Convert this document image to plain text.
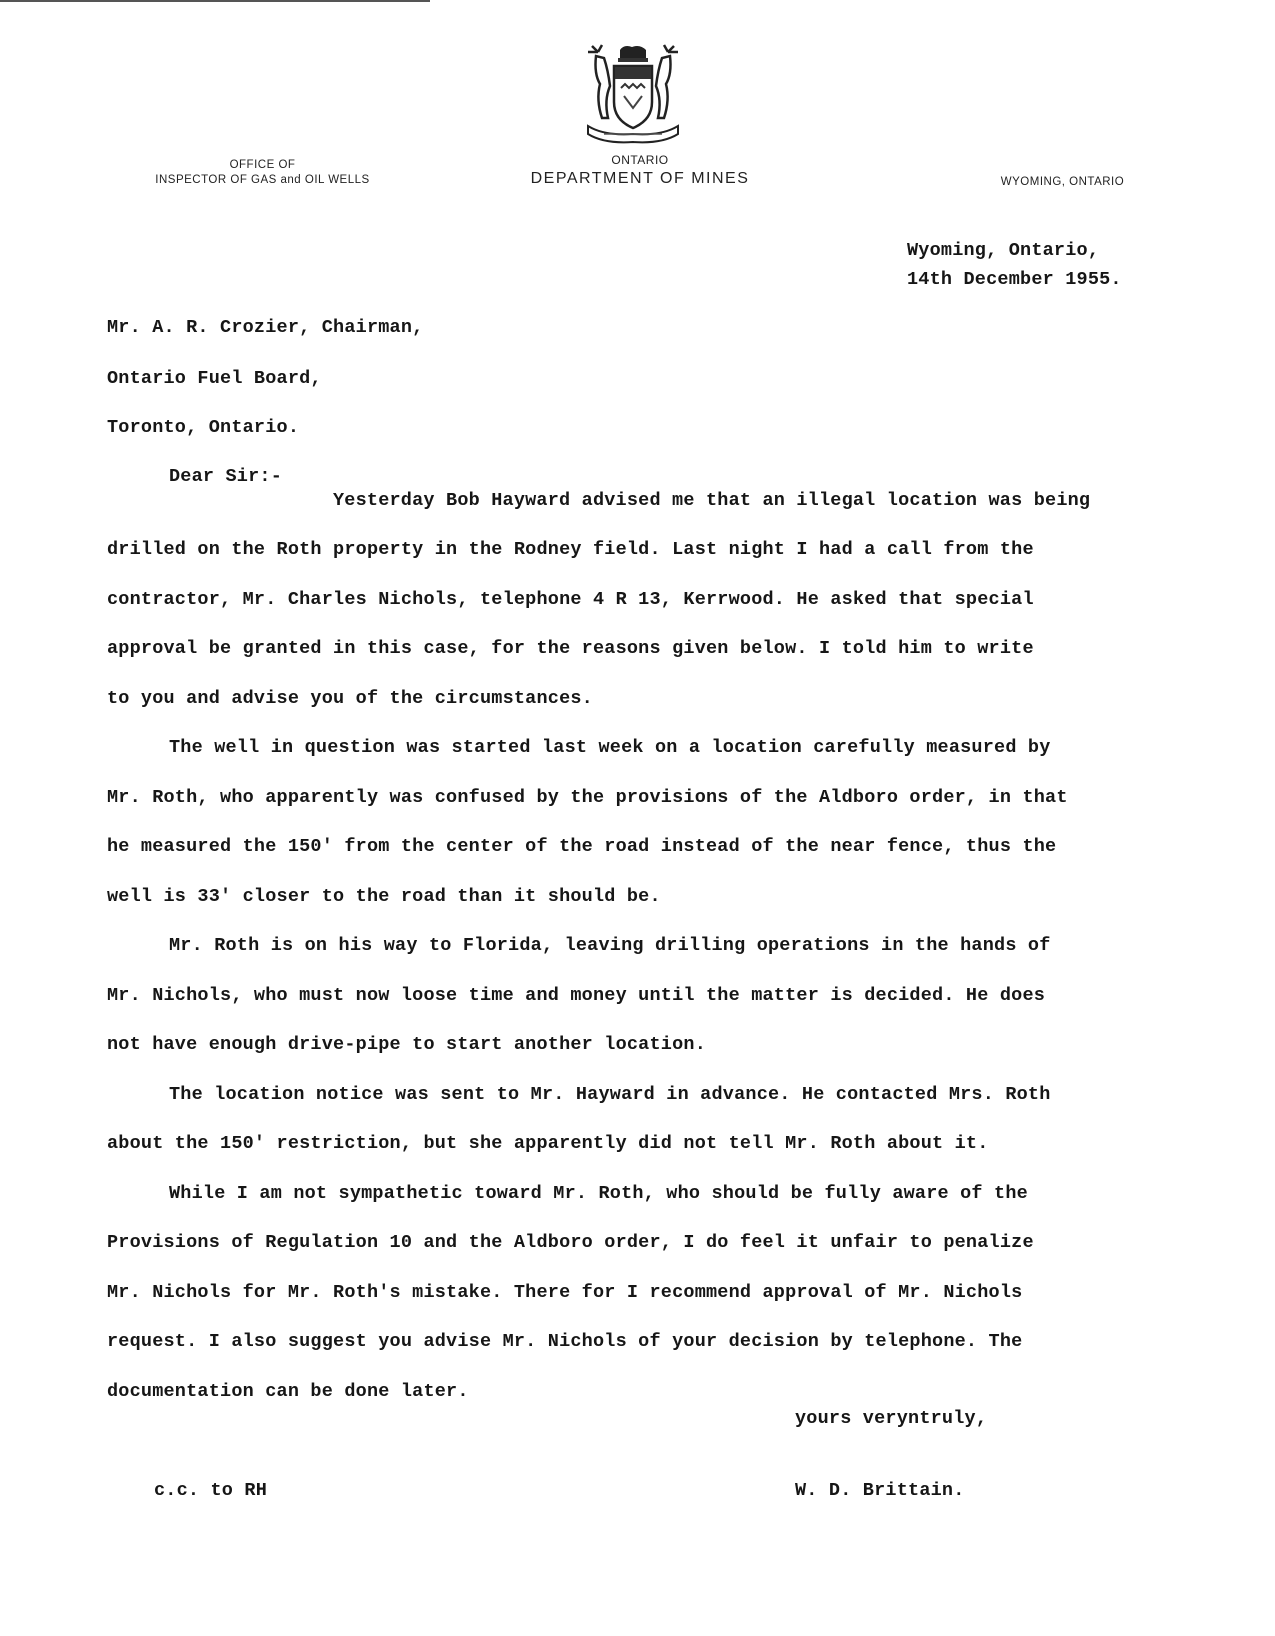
OFFICE OF
INSPECTOR OF GAS and OIL WELLS
ONTARIO
DEPARTMENT OF MINES	WYOMING, ONTARIO
Wyoming, Ontario,
14th December 1955.
Mr. A. R. Crozier, Chairman,
Ontario Fuel Board,
Toronto, Ontario.
Dear Sir:-
Yesterday Bob Hayward advised me that an illegal location was being
drilled on the Roth property in the Rodney field. Last night I had a call from the
contractor, Mr. Charles Nichols, telephone 4 R 13, Kerrwood. He asked that special
approval be granted in this case, for the reasons given below. I told him to write
to you and advise you of the circumstances.
The well in question was started last week on a location carefully measured by
Mr. Roth, who apparently was confused by the provisions of the Aldboro order, in that
he measured the 150' from the center of the road instead of the near fence, thus the
well is 33' closer to the road than it should be.
Mr. Roth is on his way to Florida, leaving drilling operations in the hands of
Mr. Nichols, who must now loose time and money until the matter is decided. He does
not have enough drive-pipe to start another location.
The location notice was sent to Mr. Hayward in advance. He contacted Mrs. Roth
about the 150' restriction, but she apparently did not tell Mr. Roth about it.
While I am not sympathetic toward Mr. Roth, who should be fully aware of the
Provisions of Regulation 10 and the Aldboro order, I do feel it unfair to penalize
Mr. Nichols for Mr. Roth's mistake. There for I recommend approval of Mr. Nichols
request. I also suggest you advise Mr. Nichols of your decision by telephone. The
documentation can be done later.
yours veryntruly,
c.c. to RH	W. D. Brittain.
